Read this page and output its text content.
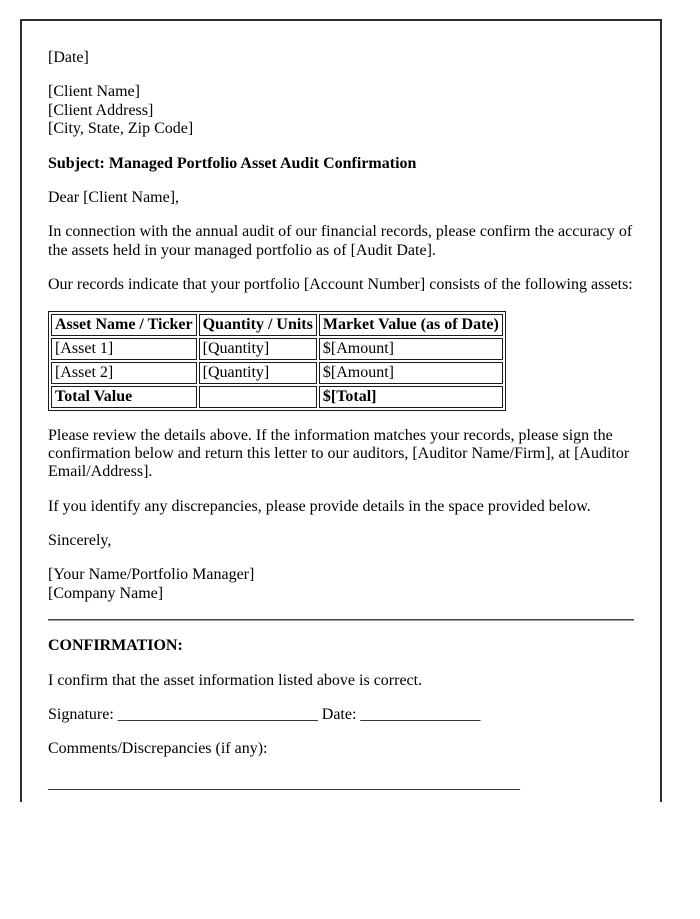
[Date]

[Client Name]
[Client Address]
[City, State, Zip Code]

Subject: Managed Portfolio Asset Audit Confirmation

Dear [Client Name],

In connection with the annual audit of our financial records, please confirm the accuracy of the assets held in your managed portfolio as of [Audit Date].

Our records indicate that your portfolio [Account Number] consists of the following assets:

Asset Name / Ticker	Quantity / Units	Market Value (as of Date)
[Asset 1]	[Quantity]	$[Amount]
[Asset 2]	[Quantity]	$[Amount]
Total Value		$[Total]

Please review the details above. If the information matches your records, please sign the confirmation below and return this letter to our auditors, [Auditor Name/Firm], at [Auditor Email/Address].

If you identify any discrepancies, please provide details in the space provided below.

Sincerely,

[Your Name/Portfolio Manager]
[Company Name]

CONFIRMATION:

I confirm that the asset information listed above is correct.

Signature: _________________________ Date: _______________

Comments/Discrepancies (if any):

___________________________________________________________
